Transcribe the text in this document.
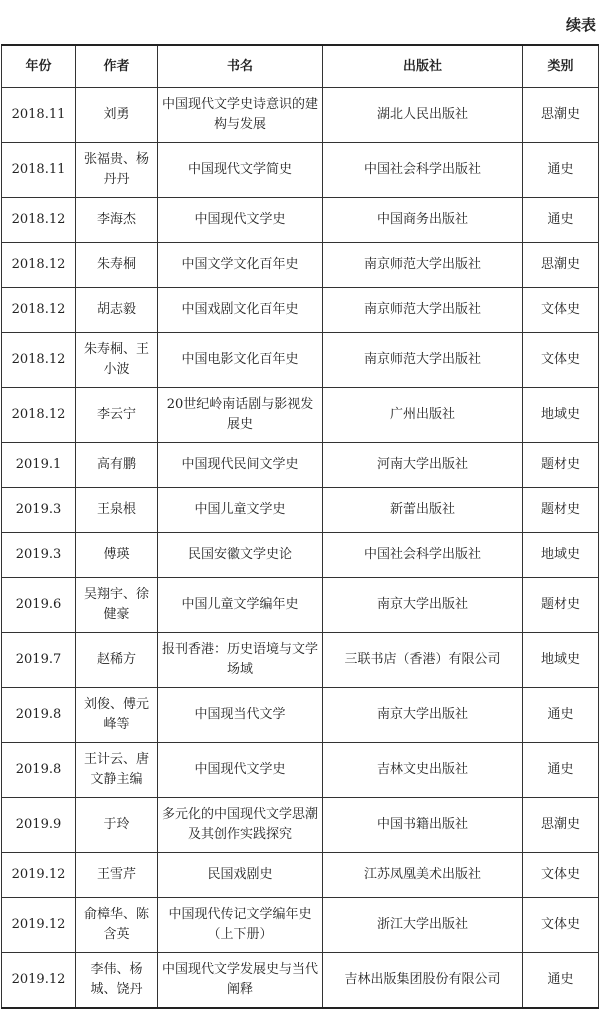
续表
年份	作者	书名	出版社	类别
2018.11	刘勇	中国现代文学史诗意识的建构与发展	湖北人民出版社	思潮史
2018.11	张福贵、杨丹丹	中国现代文学简史	中国社会科学出版社	通史
2018.12	李海杰	中国现代文学史	中国商务出版社	通史
2018.12	朱寿桐	中国文学文化百年史	南京师范大学出版社	思潮史
2018.12	胡志毅	中国戏剧文化百年史	南京师范大学出版社	文体史
2018.12	朱寿桐、王小波	中国电影文化百年史	南京师范大学出版社	文体史
2018.12	李云宁	20世纪岭南话剧与影视发展史	广州出版社	地域史
2019.1	高有鹏	中国现代民间文学史	河南大学出版社	题材史
2019.3	王泉根	中国儿童文学史	新蕾出版社	题材史
2019.3	傅瑛	民国安徽文学史论	中国社会科学出版社	地域史
2019.6	吴翔宇、徐健豪	中国儿童文学编年史	南京大学出版社	题材史
2019.7	赵稀方	报刊香港：历史语境与文学场域	三联书店（香港）有限公司	地域史
2019.8	刘俊、傅元峰等	中国现当代文学	南京大学出版社	通史
2019.8	王计云、唐文静主编	中国现代文学史	吉林文史出版社	通史
2019.9	于玲	多元化的中国现代文学思潮及其创作实践探究	中国书籍出版社	思潮史
2019.12	王雪芹	民国戏剧史	江苏凤凰美术出版社	文体史
2019.12	俞樟华、陈含英	中国现代传记文学编年史（上下册）	浙江大学出版社	文体史
2019.12	李伟、杨城、饶丹	中国现代文学发展史与当代阐释	吉林出版集团股份有限公司	通史
